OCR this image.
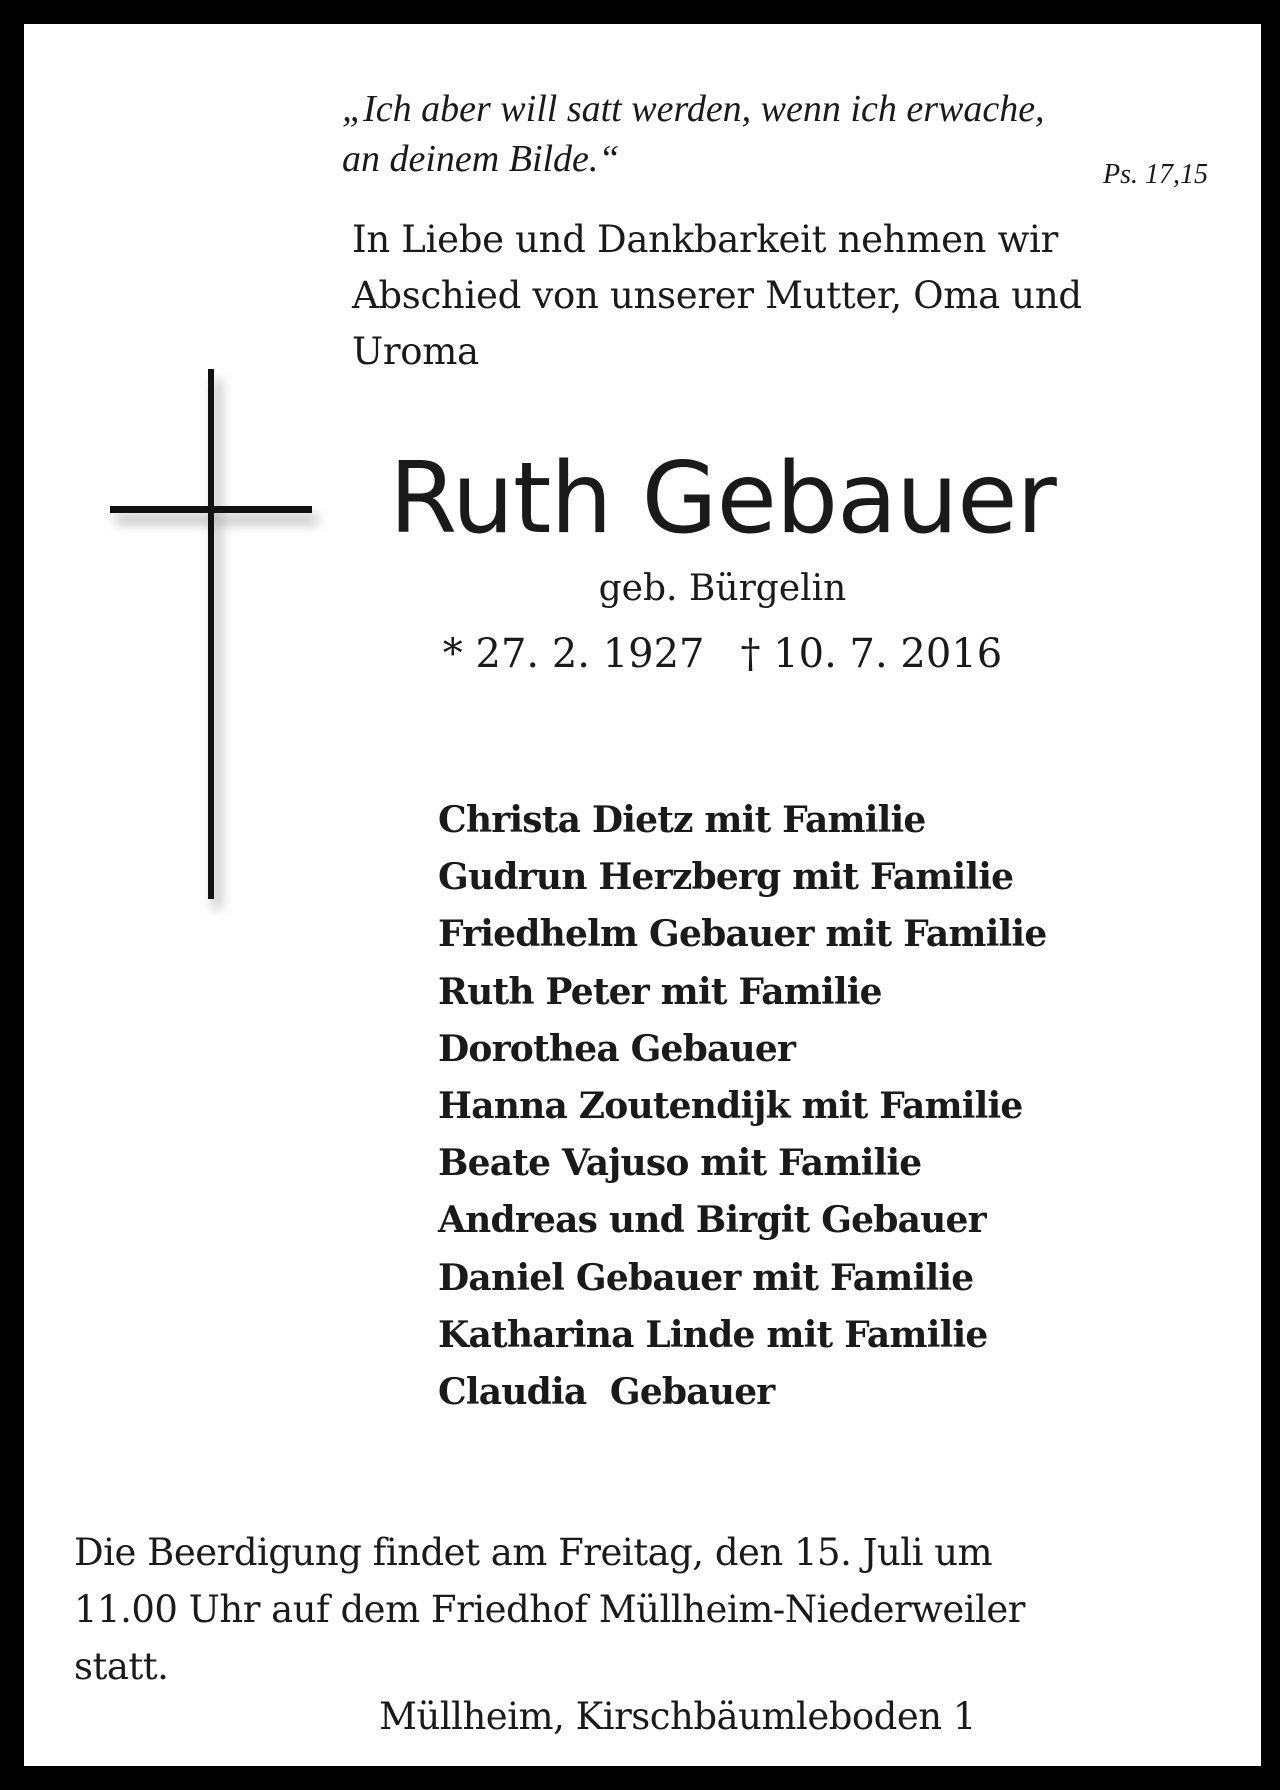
„Ich aber will satt werden, wenn ich erwache,
an deinem Bilde.“	Ps. 17,15
In Liebe und Dankbarkeit nehmen wir
Abschied von unserer Mutter, Oma und
Uroma
Ruth Gebauer
geb. Bürgelin
* 27. 2. 1927 † 10. 7. 2016
Christa Dietz mit Familie
Gudrun Herzberg mit Familie
Friedhelm Gebauer mit Familie
Ruth Peter mit Familie
Dorothea Gebauer
Hanna Zoutendijk mit Familie
Beate Vajuso mit Familie
Andreas und Birgit Gebauer
Daniel Gebauer mit Familie
Katharina Linde mit Familie
Claudia  Gebauer
Die Beerdigung findet am Freitag, den 15. Juli um
11.00 Uhr auf dem Friedhof Müllheim-Niederweiler
statt.
Müllheim, Kirschbäumleboden 1
